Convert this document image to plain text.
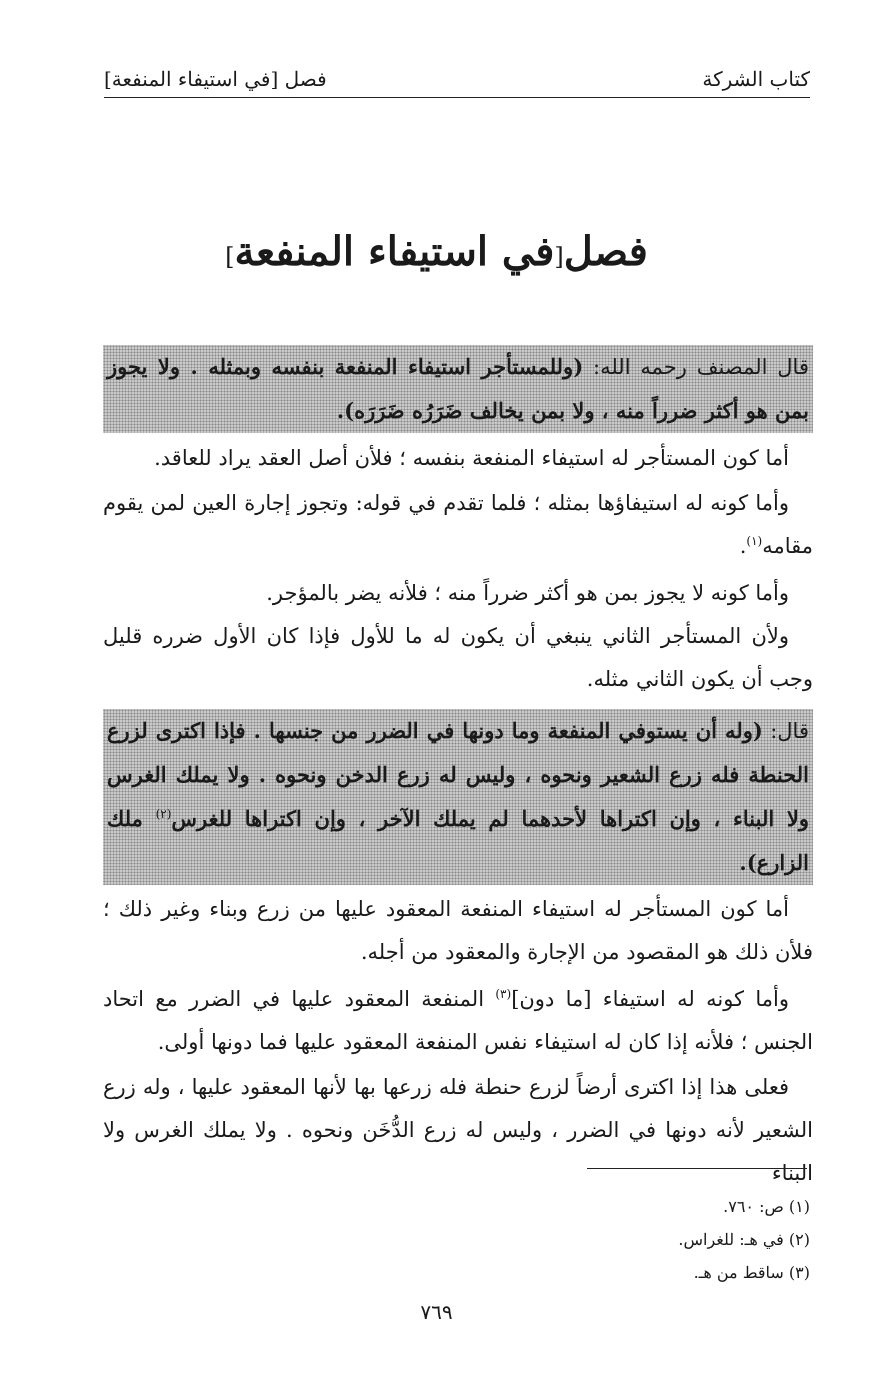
كتاب الشركة
فصل [في استيفاء المنفعة]
فصل[في استيفاء المنفعة]
قال المصنف رحمه الله: (وللمستأجر استيفاء المنفعة بنفسه وبمثله . ولا يجوز بمن هو أكثر ضرراً منه ، ولا بمن يخالف ضَرَرُه ضَرَرَه).
أما كون المستأجر له استيفاء المنفعة بنفسه ؛ فلأن أصل العقد يراد للعاقد.
وأما كونه له استيفاؤها بمثله ؛ فلما تقدم في قوله: وتجوز إجارة العين لمن يقوم مقامه$^{(١)}$.
وأما كونه لا يجوز بمن هو أكثر ضرراً منه ؛ فلأنه يضر بالمؤجر.
ولأن المستأجر الثاني ينبغي أن يكون له ما للأول فإذا كان الأول ضرره قليل وجب أن يكون الثاني مثله.
قال: (وله أن يستوفي المنفعة وما دونها في الضرر من جنسها . فإذا اكترى لزرع الحنطة فله زرع الشعير ونحوه ، وليس له زرع الدخن ونحوه . ولا يملك الغرس ولا البناء ، وإن اكتراها لأحدهما لم يملك الآخر ، وإن اكتراها للغرس$^{(٢)}$ ملك الزارع).
أما كون المستأجر له استيفاء المنفعة المعقود عليها من زرع وبناء وغير ذلك ؛ فلأن ذلك هو المقصود من الإجارة والمعقود من أجله.
وأما كونه له استيفاء [ما دون]$^{(٣)}$ المنفعة المعقود عليها في الضرر مع اتحاد الجنس ؛ فلأنه إذا كان له استيفاء نفس المنفعة المعقود عليها فما دونها أولى.
فعلى هذا إذا اكترى أرضاً لزرع حنطة فله زرعها بها لأنها المعقود عليها ، وله زرع الشعير لأنه دونها في الضرر ، وليس له زرع الدُّخَن ونحوه . ولا يملك الغرس ولا البناء
(١) ص: ٧٦٠.
(٢) في هـ: للغراس.
(٣) ساقط من هـ.
٧٦٩
